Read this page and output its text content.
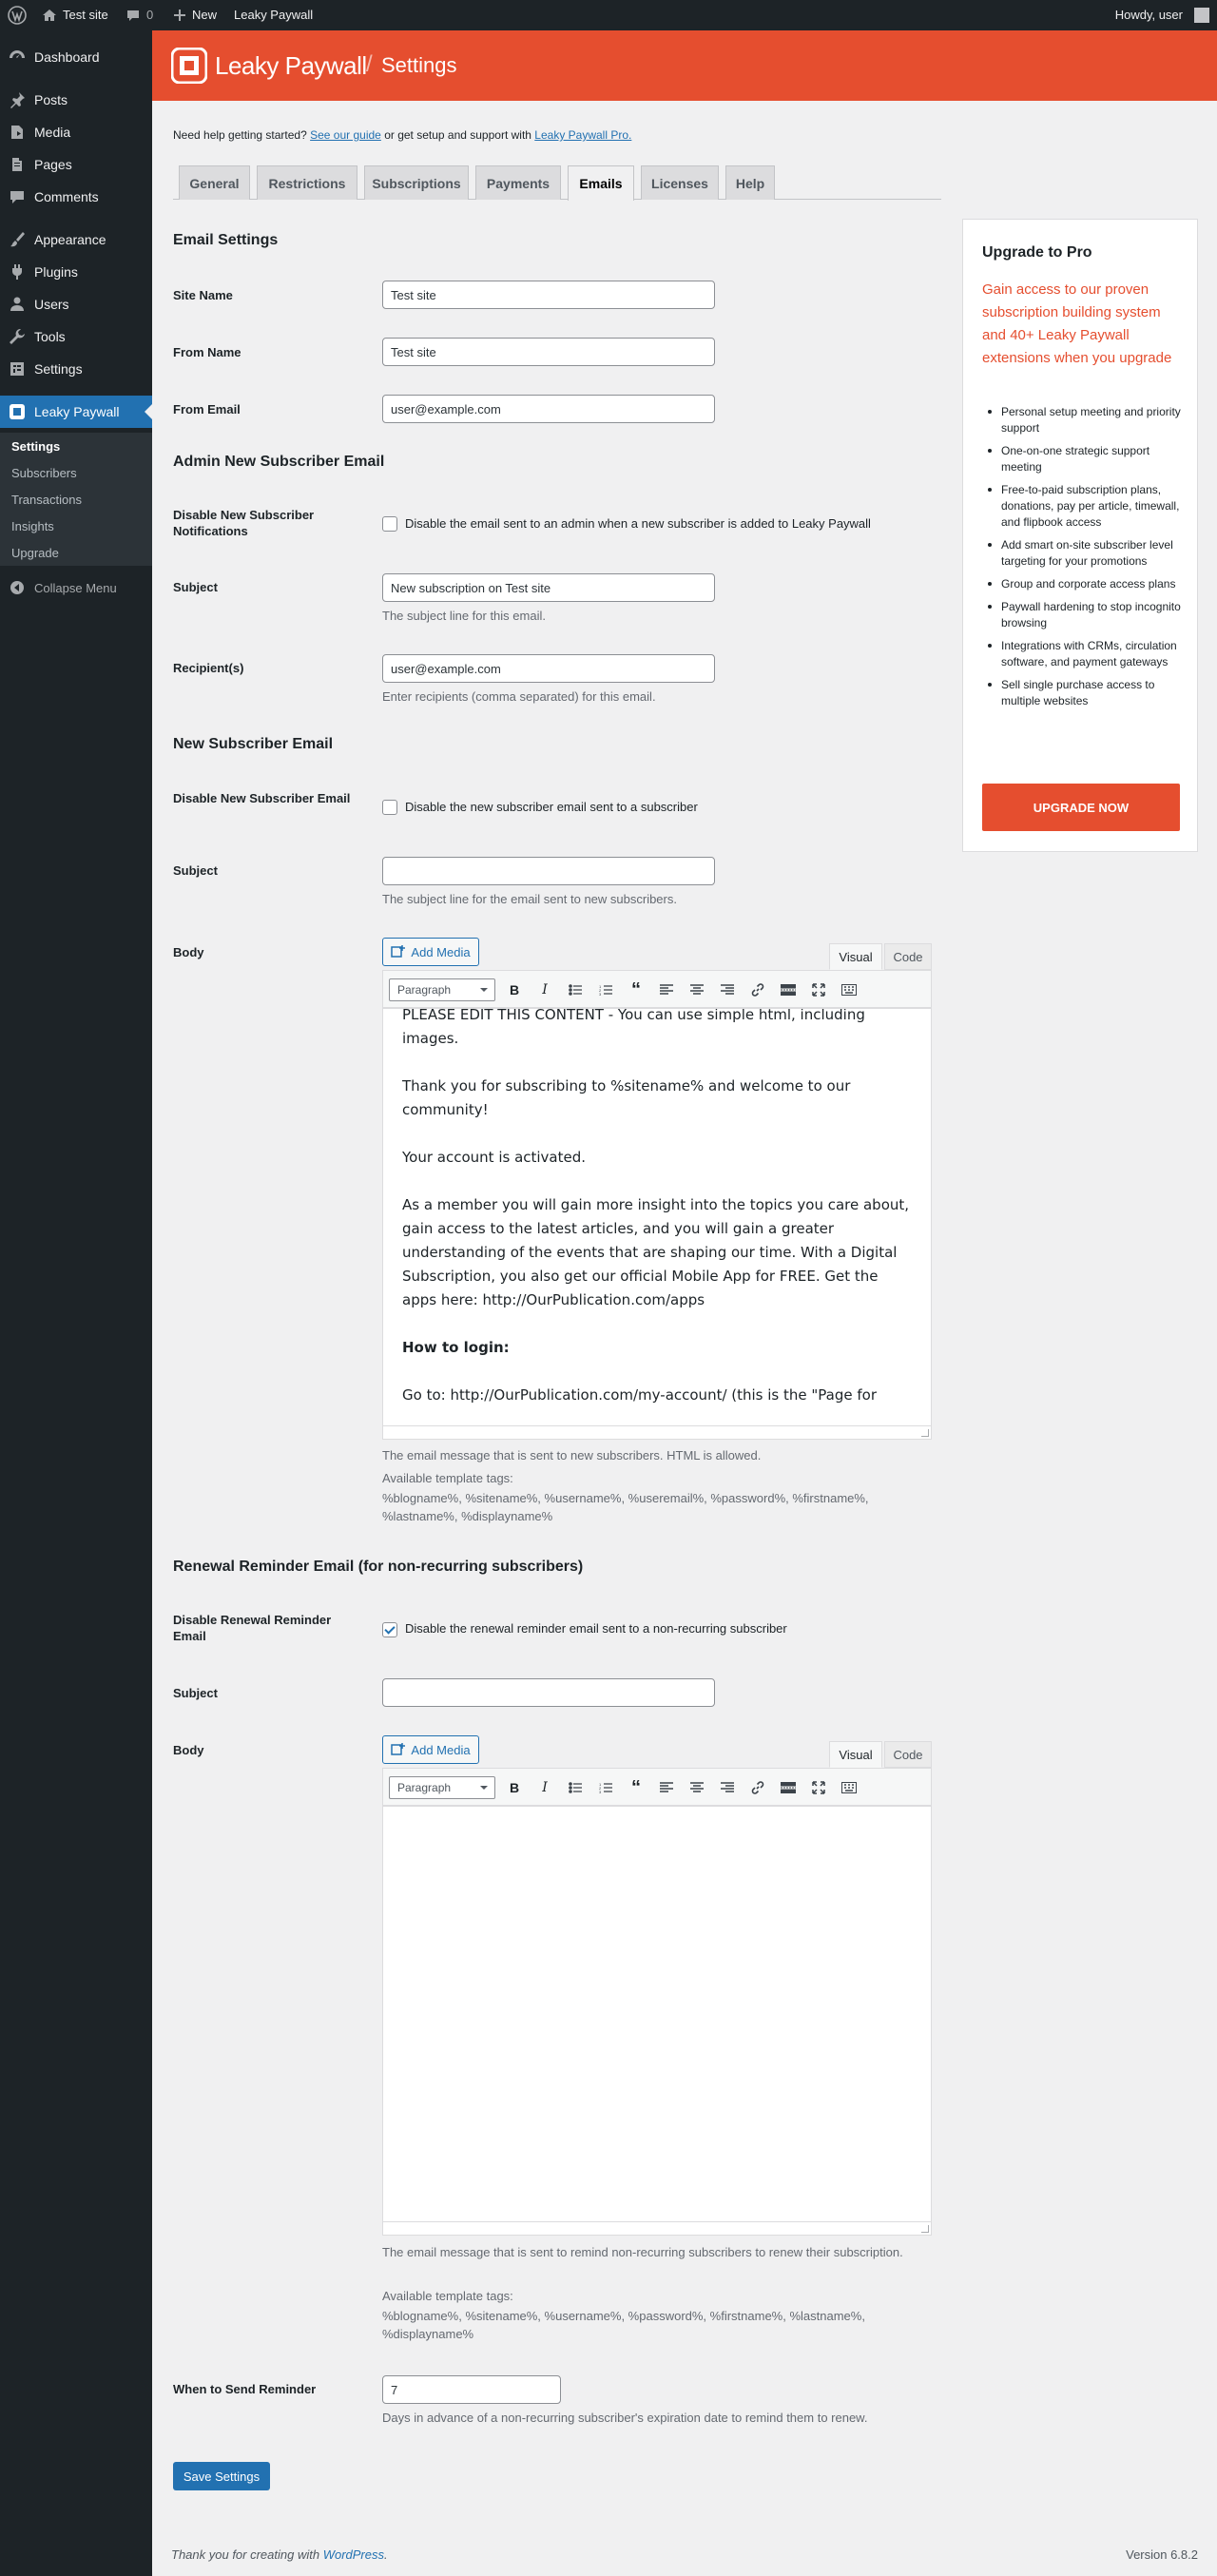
Test site	0	New Leaky Paywall	Howdy, user
Dashboard
Posts
Media
Pages
Comments
Appearance
Plugins
Users
Tools
Settings
Leaky Paywall
Settings
Subscribers
Transactions
Insights
Upgrade
Collapse Menu
Leaky Paywall / Settings
Need help getting started? See our guide or get setup and support with Leaky Paywall Pro.
General	Restrictions	Subscriptions	Payments	Emails	Licenses	Help
Email Settings
Site Name	Test site
From Name	Test site
From Email	user@example.com
Admin New Subscriber Email
Disable New Subscriber Notifications
Disable the email sent to an admin when a new subscriber is added to Leaky Paywall
Subject	New subscription on Test site
The subject line for this email.
Recipient(s)	user@example.com
Enter recipients (comma separated) for this email.
New Subscriber Email
Disable New Subscriber Email
Disable the new subscriber email sent to a subscriber
Subject
The subject line for the email sent to new subscribers.
Body	Add Media	Visual	Code
Paragraph	B	I	1
2
3 “

PLEASE EDIT THIS CONTENT - You can use simple html, including images.

Thank you for subscribing to %sitename% and welcome to our community!

Your account is activated.

As a member you will gain more insight into the topics you care about, gain access to the latest articles, and you will gain a greater understanding of the events that are shaping our time. With a Digital Subscription, you also get our official Mobile App for FREE. Get the apps here: http://OurPublication.com/apps

How to login:

Go to: http://OurPublication.com/my-account/ (this is the "Page for

The email message that is sent to new subscribers. HTML is allowed.
Available template tags:
%blogname%, %sitename%, %username%, %useremail%, %password%, %firstname%, %lastname%, %displayname%
Renewal Reminder Email (for non-recurring subscribers)
Disable Renewal Reminder Email
Disable the renewal reminder email sent to a non-recurring subscriber
Subject
Body	Add Media	Visual	Code
Paragraph	B	I	1
2
3 “
The email message that is sent to remind non-recurring subscribers to renew their subscription.
Available template tags:
%blogname%, %sitename%, %username%, %password%, %firstname%, %lastname%, %displayname%
When to Send Reminder	7
Days in advance of a non-recurring subscriber's expiration date to remind them to renew.
Save Settings
Upgrade to Pro
Gain access to our proven subscription building system and 40+ Leaky Paywall extensions when you upgrade
Personal setup meeting and priority support
One-on-one strategic support meeting
Free-to-paid subscription plans, donations, pay per article, timewall, and flipbook access
Add smart on-site subscriber level targeting for your promotions
Group and corporate access plans
Paywall hardening to stop incognito browsing
Integrations with CRMs, circulation software, and payment gateways
Sell single purchase access to multiple websites
UPGRADE NOW
Thank you for creating with WordPress.	Version 6.8.2
